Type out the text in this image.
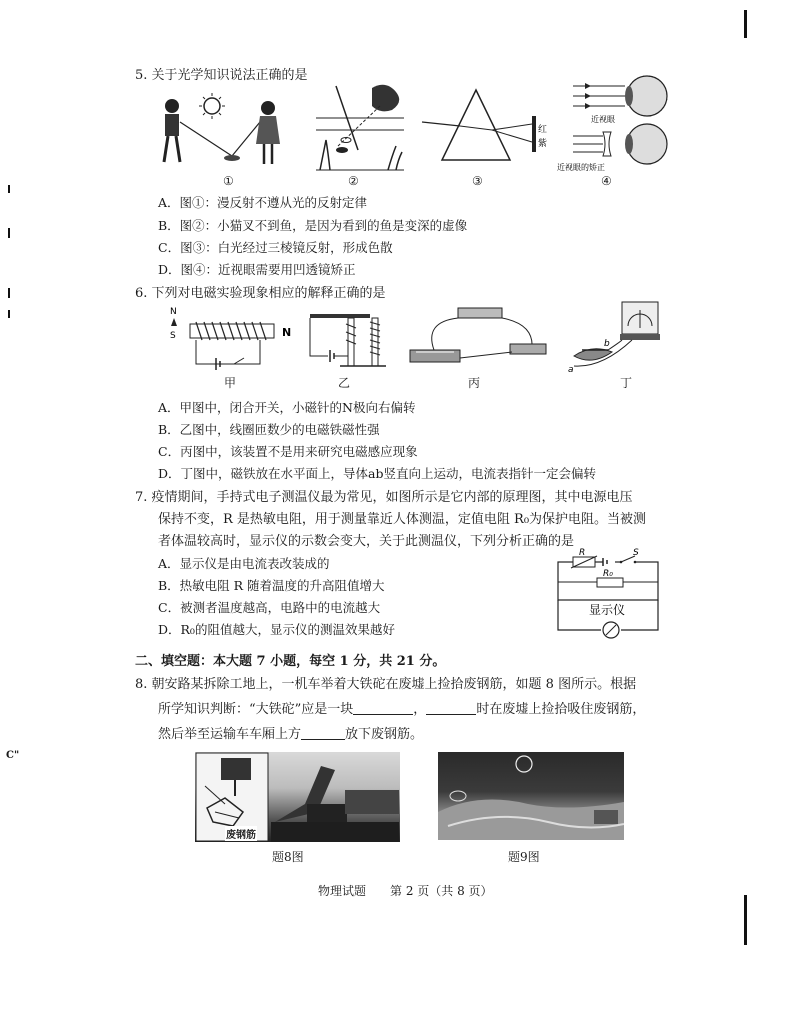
C"
5. 关于光学知识说法正确的是
①	②
红
紫
③
近视眼
近视眼的矫正
④
A．图①：漫反射不遵从光的反射定律
B．图②：小猫叉不到鱼，是因为看到的鱼是变深的虚像
C．图③：白光经过三棱镜反射，形成色散
D．图④：近视眼需要用凹透镜矫正
6. 下列对电磁实验现象相应的解释正确的是
N
S	N
甲	乙	丙
b
a
丁
A．甲图中，闭合开关，小磁针的N极向右偏转
B．乙图中，线圈匝数少的电磁铁磁性强
C．丙图中，该装置不是用来研究电磁感应现象
D．丁图中，磁铁放在水平面上，导体ab竖直向上运动，电流表指针一定会偏转
7. 疫情期间，手持式电子测温仪最为常见，如图所示是它内部的原理图，其中电源电压
保持不变，R 是热敏电阻，用于测量靠近人体测温，定值电阻 R₀为保护电阻。当被测
者体温较高时，显示仪的示数会变大，关于此测温仪，下列分析正确的是
A．显示仪是由电流表改装成的
B．热敏电阻 R 随着温度的升高阻值增大
C．被测者温度越高，电路中的电流越大
D．R₀的阻值越大，显示仪的测温效果越好
R	S
R₀
显示仪
二、填空题：本大题 7 小题，每空 1 分，共 21 分。
8. 朝安路某拆除工地上，一机车举着大铁砣在废墟上捡拾废钢筋，如题 8 图所示。根据
所学知识判断：“大铁砣”应是一块	，	时在废墟上捡拾吸住废钢筋，
然后举至运输车车厢上方	放下废钢筋。
废钢筋
题8图	题9图
物理试题　　第 2 页（共 8 页）
